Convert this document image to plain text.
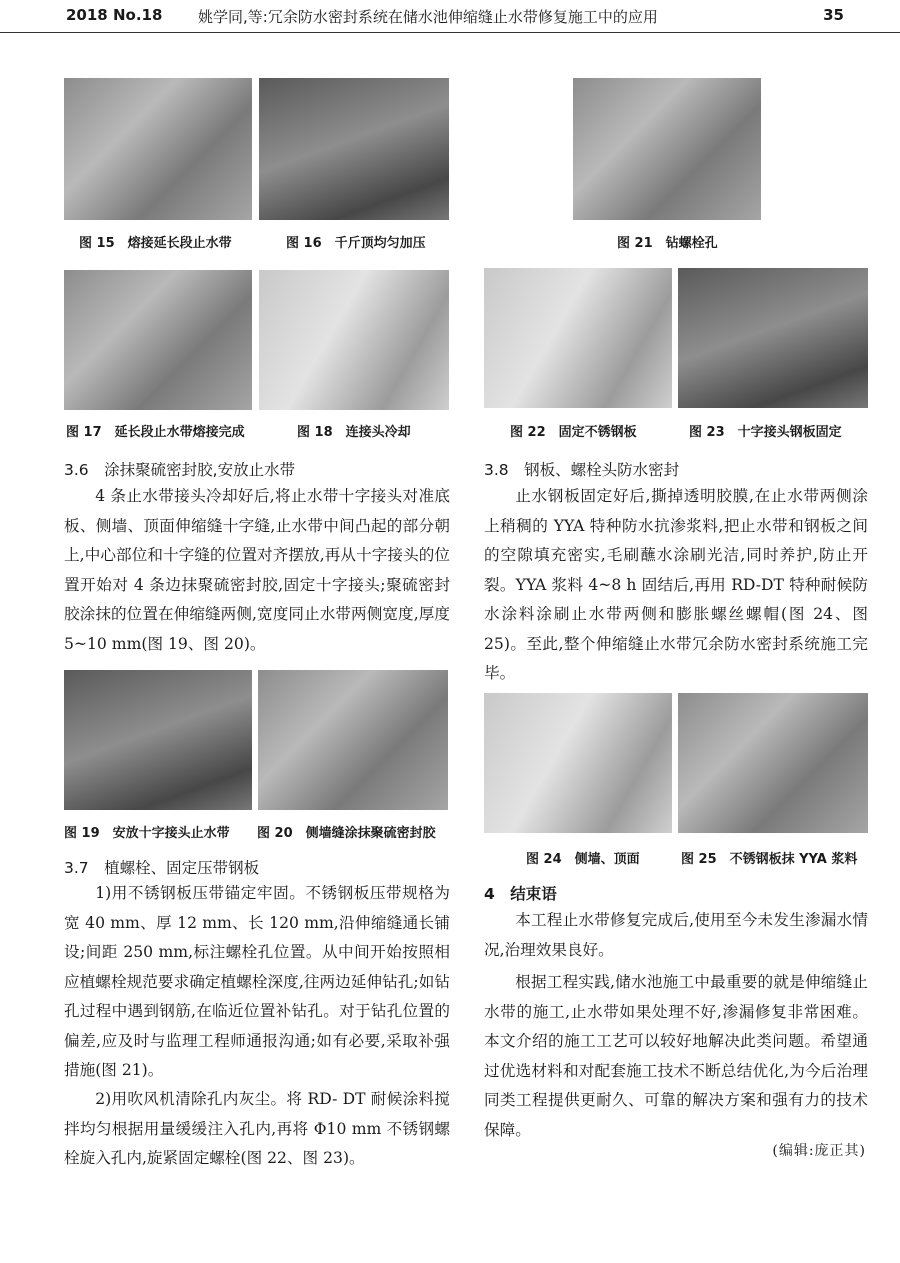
2018 No.18 姚学同,等:冗余防水密封系统在储水池伸缩缝止水带修复施工中的应用	35
图 15　熔接延长段止水带	图 16　千斤顶均匀加压
图 17　延长段止水带熔接完成	图 18　连接头冷却
3.6　涂抹聚硫密封胶,安放止水带

4 条止水带接头冷却好后,将止水带十字接头对准底板、侧墙、顶面伸缩缝十字缝,止水带中间凸起的部分朝上,中心部位和十字缝的位置对齐摆放,再从十字接头的位置开始对 4 条边抹聚硫密封胶,固定十字接头;聚硫密封胶涂抹的位置在伸缩缝两侧,宽度同止水带两侧宽度,厚度 5~10 mm(图 19、图 20)。

图 19　安放十字接头止水带 图 20　侧墙缝涂抹聚硫密封胶
3.7　植螺栓、固定压带钢板

1)用不锈钢板压带锚定牢固。不锈钢板压带规格为宽 40 mm、厚 12 mm、长 120 mm,沿伸缩缝通长铺设;间距 250 mm,标注螺栓孔位置。从中间开始按照相应植螺栓规范要求确定植螺栓深度,往两边延伸钻孔;如钻孔过程中遇到钢筋,在临近位置补钻孔。对于钻孔位置的偏差,应及时与监理工程师通报沟通;如有必要,采取补强措施(图 21)。

2)用吹风机清除孔内灰尘。将 RD- DT 耐候涂料搅拌均匀根据用量缓缓注入孔内,再将 Φ10 mm 不锈钢螺栓旋入孔内,旋紧固定螺栓(图 22、图 23)。

图 21　钻螺栓孔
图 22　固定不锈钢板	图 23　十字接头钢板固定
3.8　钢板、螺栓头防水密封

止水钢板固定好后,撕掉透明胶膜,在止水带两侧涂上稍稠的 YYA 特种防水抗渗浆料,把止水带和钢板之间的空隙填充密实,毛刷蘸水涂刷光洁,同时养护,防止开裂。YYA 浆料 4~8 h 固结后,再用 RD-DT 特种耐候防水涂料涂刷止水带两侧和膨胀螺丝螺帽(图 24、图 25)。至此,整个伸缩缝止水带冗余防水密封系统施工完毕。

图 24　侧墙、顶面	图 25　不锈钢板抹 YYA 浆料
4　结束语

本工程止水带修复完成后,使用至今未发生渗漏水情况,治理效果良好。

根据工程实践,储水池施工中最重要的就是伸缩缝止水带的施工,止水带如果处理不好,渗漏修复非常困难。本文介绍的施工工艺可以较好地解决此类问题。希望通过优选材料和对配套施工技术不断总结优化,为今后治理同类工程提供更耐久、可靠的解决方案和强有力的技术保障。

(编辑:庞正其)
